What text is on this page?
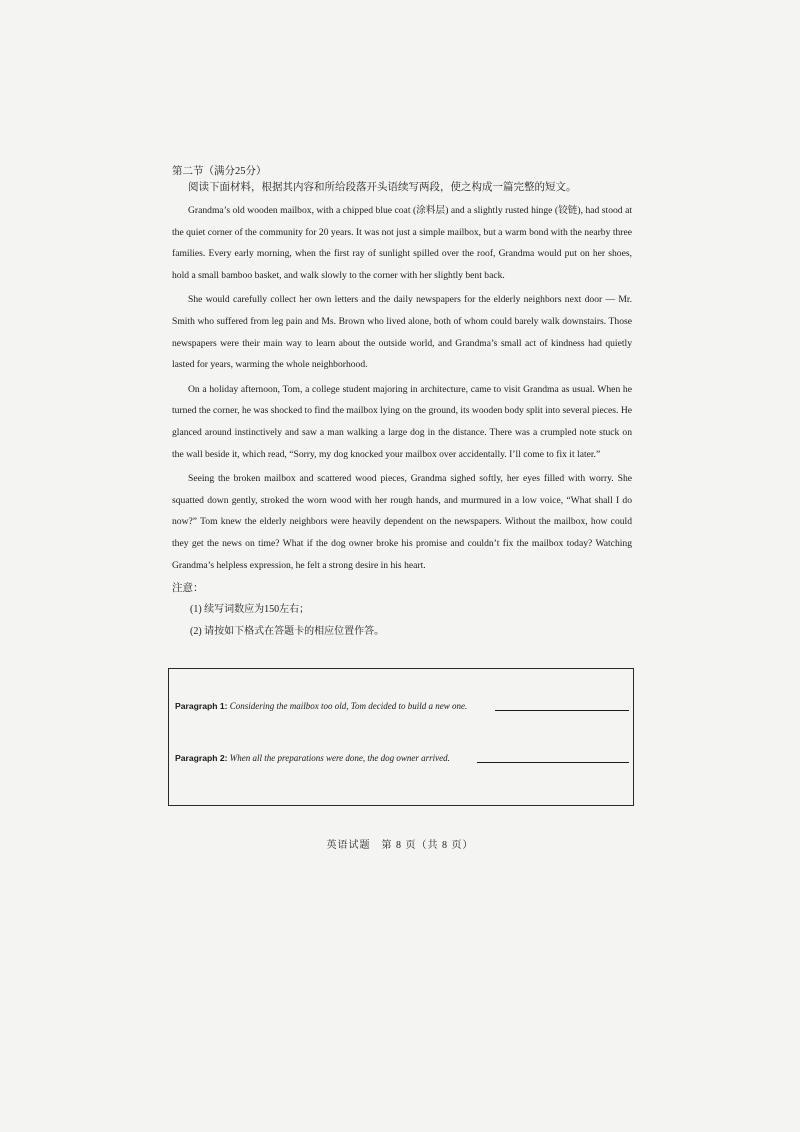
第二节（满分25分）

阅读下面材料，根据其内容和所给段落开头语续写两段，使之构成一篇完整的短文。

Grandma’s old wooden mailbox, with a chipped blue coat (涂料层) and a slightly rusted hinge (铰链), had stood at the quiet corner of the community for 20 years. It was not just a simple mailbox, but a warm bond with the nearby three families. Every early morning, when the first ray of sunlight spilled over the roof, Grandma would put on her shoes, hold a small bamboo basket, and walk slowly to the corner with her slightly bent back.

She would carefully collect her own letters and the daily newspapers for the elderly neighbors next door — Mr. Smith who suffered from leg pain and Ms. Brown who lived alone, both of whom could barely walk downstairs. Those newspapers were their main way to learn about the outside world, and Grandma’s small act of kindness had quietly lasted for years, warming the whole neighborhood.

On a holiday afternoon, Tom, a college student majoring in architecture, came to visit Grandma as usual. When he turned the corner, he was shocked to find the mailbox lying on the ground, its wooden body split into several pieces. He glanced around instinctively and saw a man walking a large dog in the distance. There was a crumpled note stuck on the wall beside it, which read, “Sorry, my dog knocked your mailbox over accidentally. I’ll come to fix it later.”

Seeing the broken mailbox and scattered wood pieces, Grandma sighed softly, her eyes filled with worry. She squatted down gently, stroked the worn wood with her rough hands, and murmured in a low voice, “What shall I do now?” Tom knew the elderly neighbors were heavily dependent on the newspapers. Without the mailbox, how could they get the news on time? What if the dog owner broke his promise and couldn’t fix the mailbox today? Watching Grandma’s helpless expression, he felt a strong desire in his heart.

注意：

(1) 续写词数应为150左右；

(2) 请按如下格式在答题卡的相应位置作答。

Paragraph 1: Considering the mailbox too old, Tom decided to build a new one.
Paragraph 2: When all the preparations were done, the dog owner arrived.
英语试题　第 8 页（共 8 页）
